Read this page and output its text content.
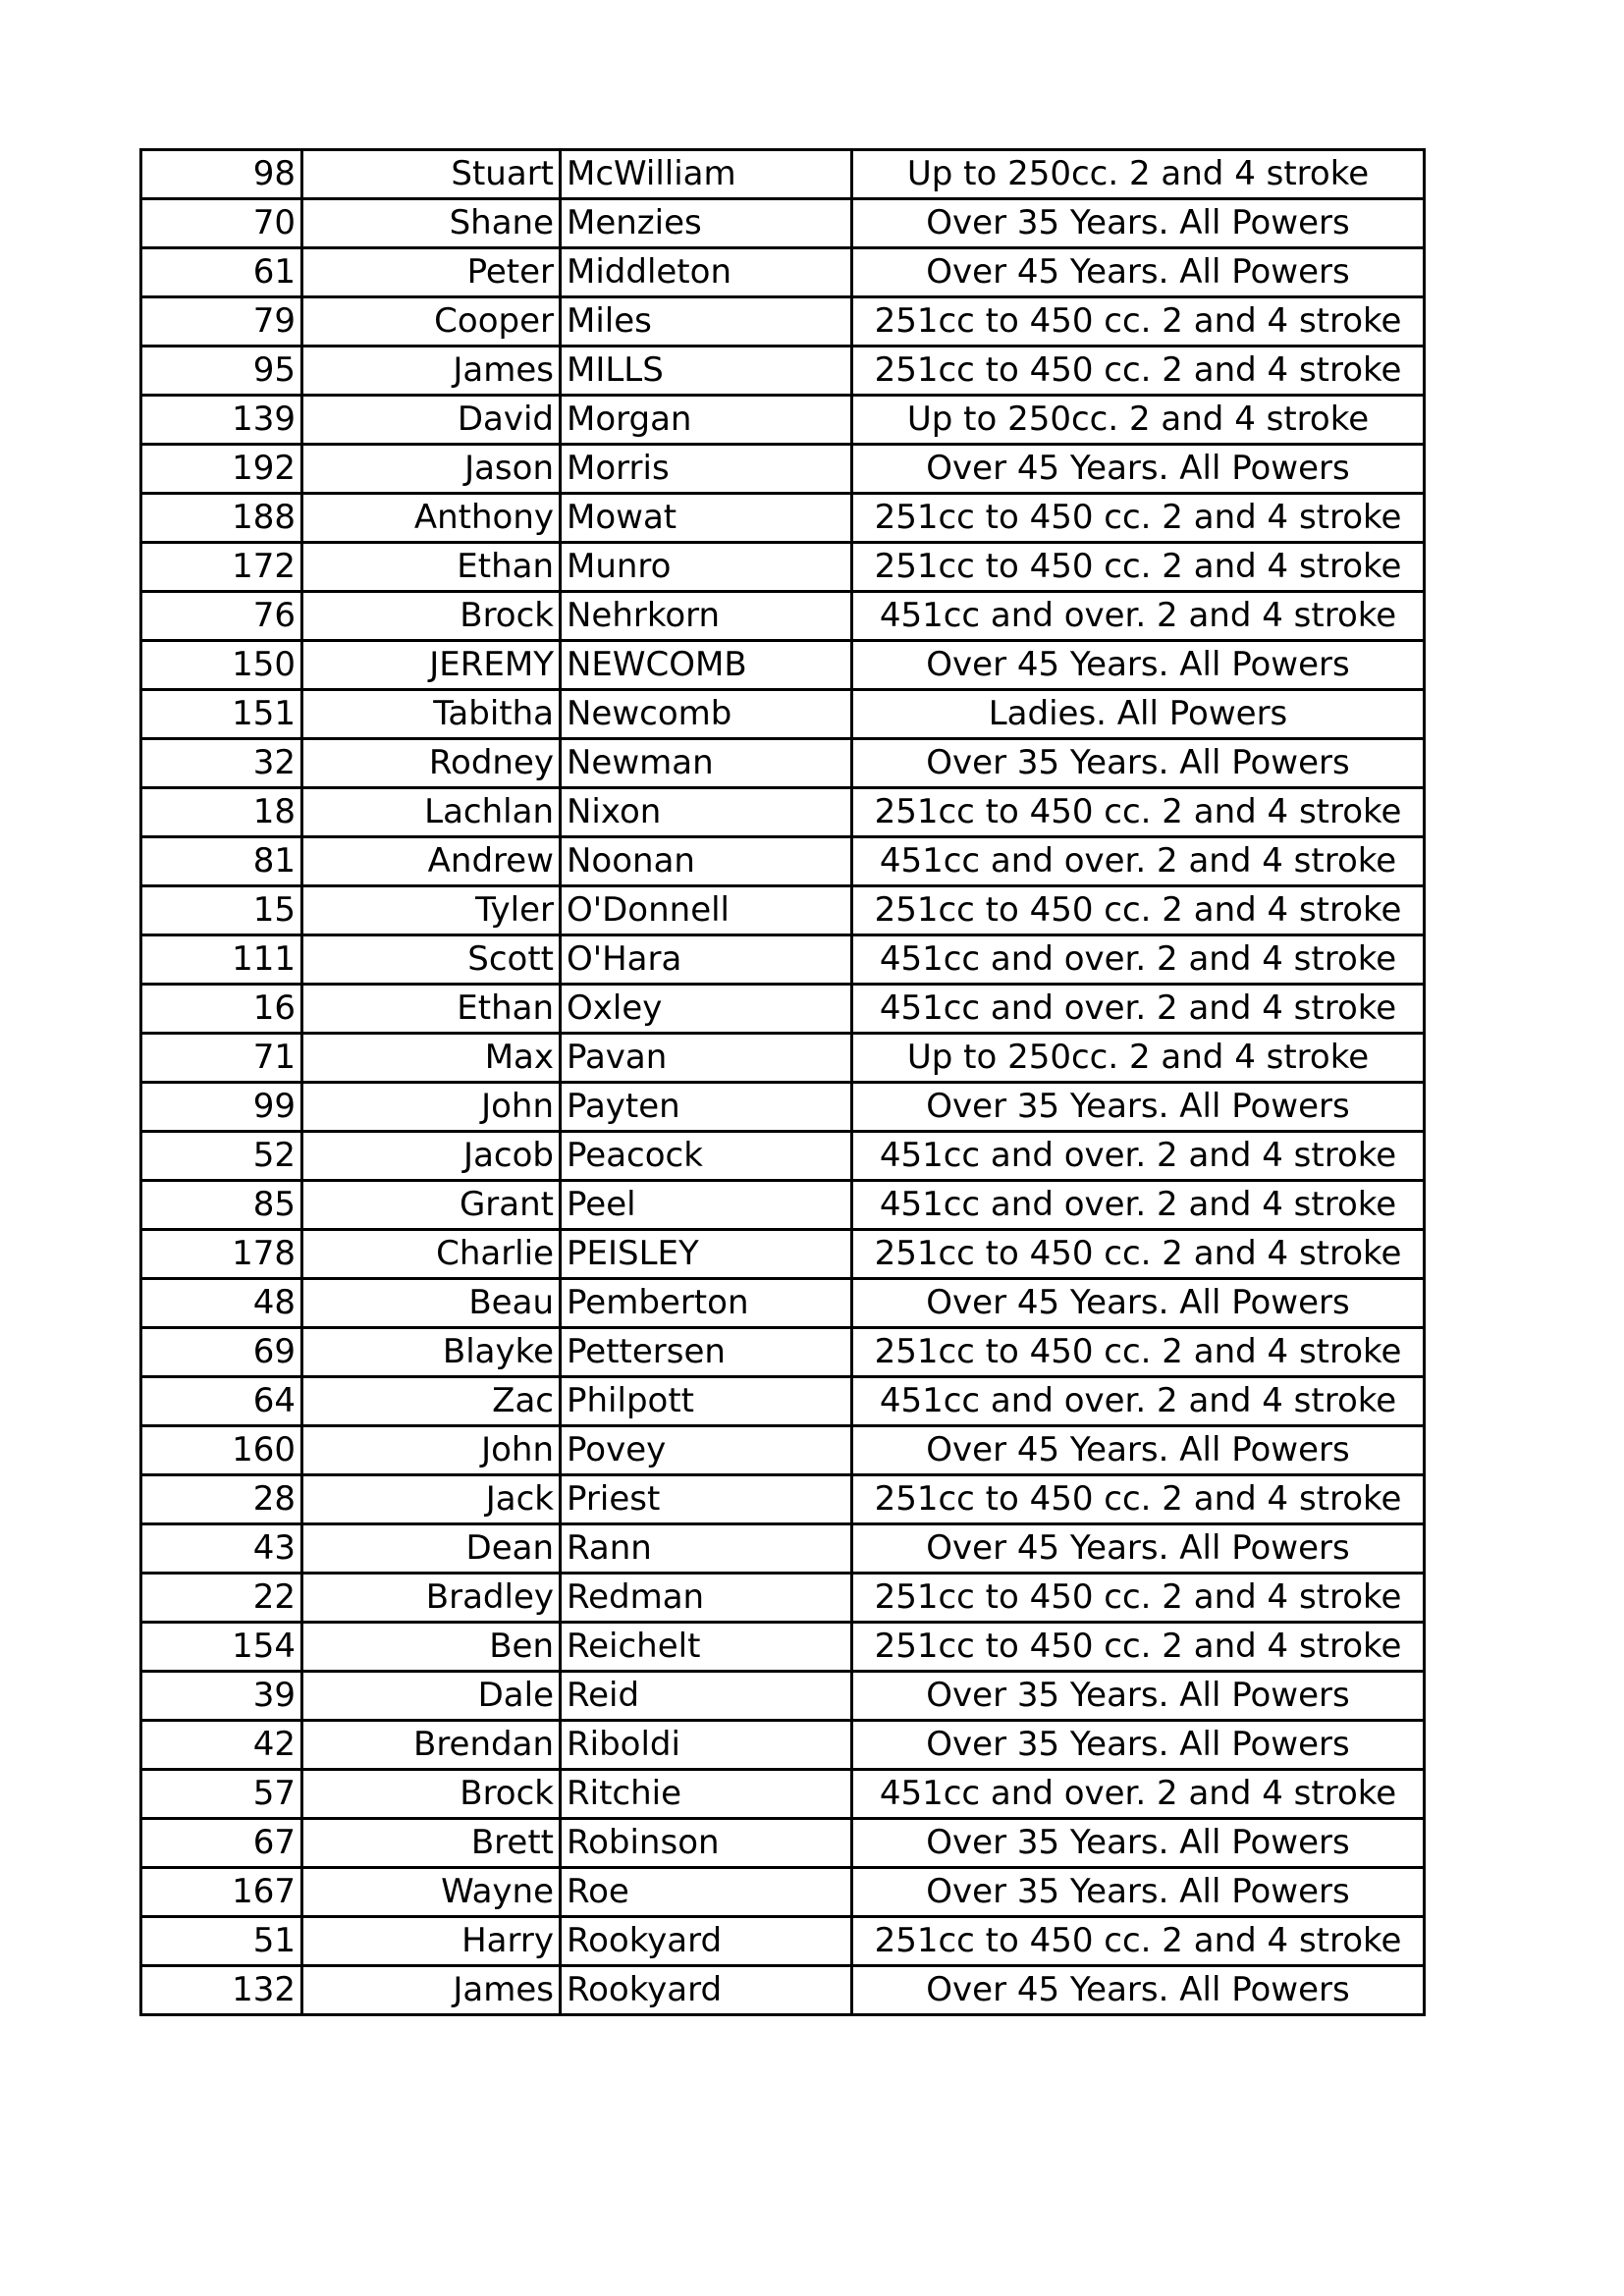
98	Stuart	McWilliam	Up to 250cc. 2 and 4 stroke
70	Shane	Menzies	Over 35 Years. All Powers
61	Peter	Middleton	Over 45 Years. All Powers
79	Cooper	Miles	251cc to 450 cc. 2 and 4 stroke
95	James	MILLS	251cc to 450 cc. 2 and 4 stroke
139	David	Morgan	Up to 250cc. 2 and 4 stroke
192	Jason	Morris	Over 45 Years. All Powers
188	Anthony	Mowat	251cc to 450 cc. 2 and 4 stroke
172	Ethan	Munro	251cc to 450 cc. 2 and 4 stroke
76	Brock	Nehrkorn	451cc and over. 2 and 4 stroke
150	JEREMY	NEWCOMB	Over 45 Years. All Powers
151	Tabitha	Newcomb	Ladies. All Powers
32	Rodney	Newman	Over 35 Years. All Powers
18	Lachlan	Nixon	251cc to 450 cc. 2 and 4 stroke
81	Andrew	Noonan	451cc and over. 2 and 4 stroke
15	Tyler	O'Donnell	251cc to 450 cc. 2 and 4 stroke
111	Scott	O'Hara	451cc and over. 2 and 4 stroke
16	Ethan	Oxley	451cc and over. 2 and 4 stroke
71	Max	Pavan	Up to 250cc. 2 and 4 stroke
99	John	Payten	Over 35 Years. All Powers
52	Jacob	Peacock	451cc and over. 2 and 4 stroke
85	Grant	Peel	451cc and over. 2 and 4 stroke
178	Charlie	PEISLEY	251cc to 450 cc. 2 and 4 stroke
48	Beau	Pemberton	Over 45 Years. All Powers
69	Blayke	Pettersen	251cc to 450 cc. 2 and 4 stroke
64	Zac	Philpott	451cc and over. 2 and 4 stroke
160	John	Povey	Over 45 Years. All Powers
28	Jack	Priest	251cc to 450 cc. 2 and 4 stroke
43	Dean	Rann	Over 45 Years. All Powers
22	Bradley	Redman	251cc to 450 cc. 2 and 4 stroke
154	Ben	Reichelt	251cc to 450 cc. 2 and 4 stroke
39	Dale	Reid	Over 35 Years. All Powers
42	Brendan	Riboldi	Over 35 Years. All Powers
57	Brock	Ritchie	451cc and over. 2 and 4 stroke
67	Brett	Robinson	Over 35 Years. All Powers
167	Wayne	Roe	Over 35 Years. All Powers
51	Harry	Rookyard	251cc to 450 cc. 2 and 4 stroke
132	James	Rookyard	Over 45 Years. All Powers
